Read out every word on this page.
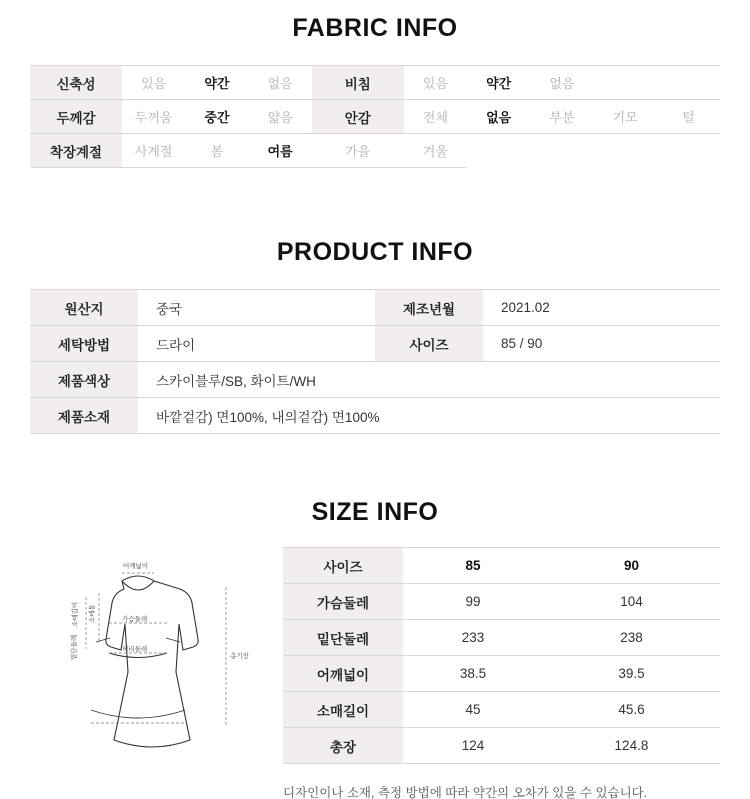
FABRIC INFO
신축성	있음	약간	없음	비침	있음	약간	없음		
두께감	두꺼움	중간	얇음	안감	전체	없음	부분	기모	털
착장계절	사계절	봄	여름	가을	겨울				
PRODUCT INFO
원산지	중국	제조년월	2021.02
세탁방법	드라이	사이즈	85 / 90
제품색상	스카이블루/SB, 화이트/WH		
제품소재	바깥겉감) 면100%, 내의겉감) 면100%		
SIZE INFO
어깨넓이
소매길이	소매통	가슴둘레
허리둘레
밑단둘레	총기장
사이즈	85	90
가슴둘레	99	104
밑단둘레	233	238
어깨넓이	38.5	39.5
소매길이	45	45.6
총장	124	124.8
디자인이나 소재, 측정 방법에 따라 약간의 오차가 있을 수 있습니다.
